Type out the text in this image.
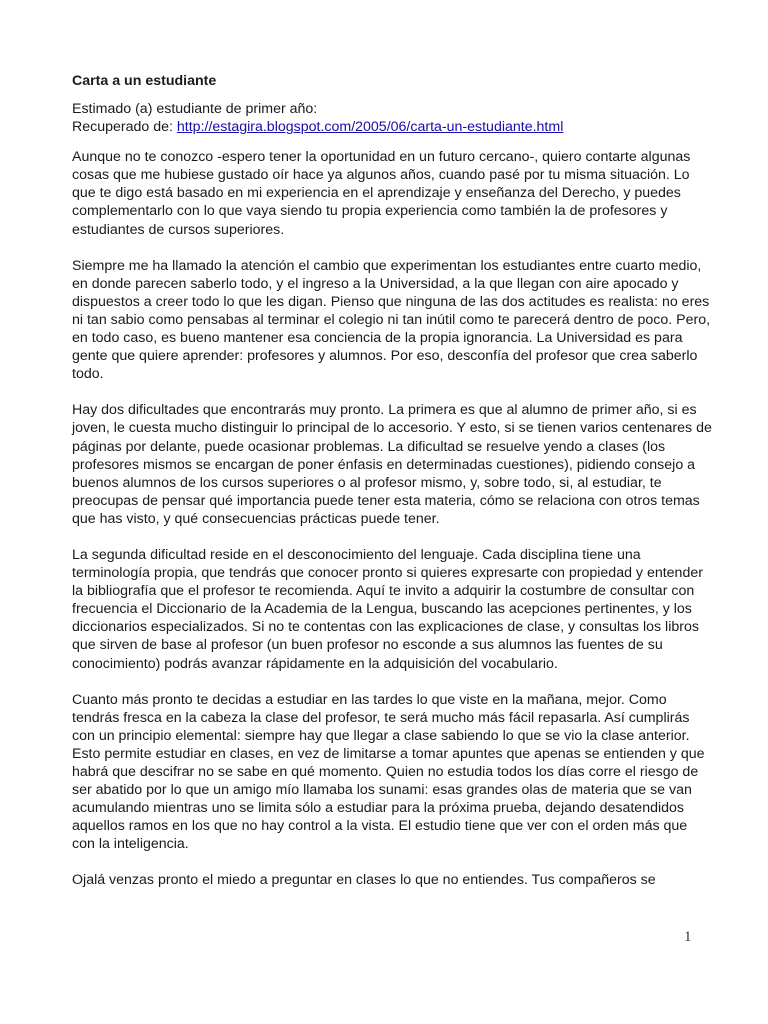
Carta a un estudiante
Estimado (a) estudiante de primer año:
Recuperado de: http://estagira.blogspot.com/2005/06/carta-un-estudiante.html

Aunque no te conozco -espero tener la oportunidad en un futuro cercano-, quiero contarte algunas cosas que me hubiese gustado oír hace ya algunos años, cuando pasé por tu misma situación. Lo que te digo está basado en mi experiencia en el aprendizaje y enseñanza del Derecho, y puedes complementarlo con lo que vaya siendo tu propia experiencia como también la de profesores y estudiantes de cursos superiores.

Siempre me ha llamado la atención el cambio que experimentan los estudiantes entre cuarto medio, en donde parecen saberlo todo, y el ingreso a la Universidad, a la que llegan con aire apocado y dispuestos a creer todo lo que les digan. Pienso que ninguna de las dos actitudes es realista: no eres ni tan sabio como pensabas al terminar el colegio ni tan inútil como te parecerá dentro de poco. Pero, en todo caso, es bueno mantener esa conciencia de la propia ignorancia. La Universidad es para gente que quiere aprender: profesores y alumnos. Por eso, desconfía del profesor que crea saberlo todo.

Hay dos dificultades que encontrarás muy pronto. La primera es que al alumno de primer año, si es joven, le cuesta mucho distinguir lo principal de lo accesorio. Y esto, si se tienen varios centenares de páginas por delante, puede ocasionar problemas. La dificultad se resuelve yendo a clases (los profesores mismos se encargan de poner énfasis en determinadas cuestiones), pidiendo consejo a buenos alumnos de los cursos superiores o al profesor mismo, y, sobre todo, si, al estudiar, te preocupas de pensar qué importancia puede tener esta materia, cómo se relaciona con otros temas que has visto, y qué consecuencias prácticas puede tener.

La segunda dificultad reside en el desconocimiento del lenguaje. Cada disciplina tiene una terminología propia, que tendrás que conocer pronto si quieres expresarte con propiedad y entender la bibliografía que el profesor te recomienda. Aquí te invito a adquirir la costumbre de consultar con frecuencia el Diccionario de la Academia de la Lengua, buscando las acepciones pertinentes, y los diccionarios especializados. Si no te contentas con las explicaciones de clase, y consultas los libros que sirven de base al profesor (un buen profesor no esconde a sus alumnos las fuentes de su conocimiento) podrás avanzar rápidamente en la adquisición del vocabulario.

Cuanto más pronto te decidas a estudiar en las tardes lo que viste en la mañana, mejor. Como tendrás fresca en la cabeza la clase del profesor, te será mucho más fácil repasarla. Así cumplirás con un principio elemental: siempre hay que llegar a clase sabiendo lo que se vio la clase anterior. Esto permite estudiar en clases, en vez de limitarse a tomar apuntes que apenas se entienden y que habrá que descifrar no se sabe en qué momento. Quien no estudia todos los días corre el riesgo de ser abatido por lo que un amigo mío llamaba los sunami: esas grandes olas de materia que se van acumulando mientras uno se limita sólo a estudiar para la próxima prueba, dejando desatendidos aquellos ramos en los que no hay control a la vista. El estudio tiene que ver con el orden más que con la inteligencia.

Ojalá venzas pronto el miedo a preguntar en clases lo que no entiendes. Tus compañeros se

1
